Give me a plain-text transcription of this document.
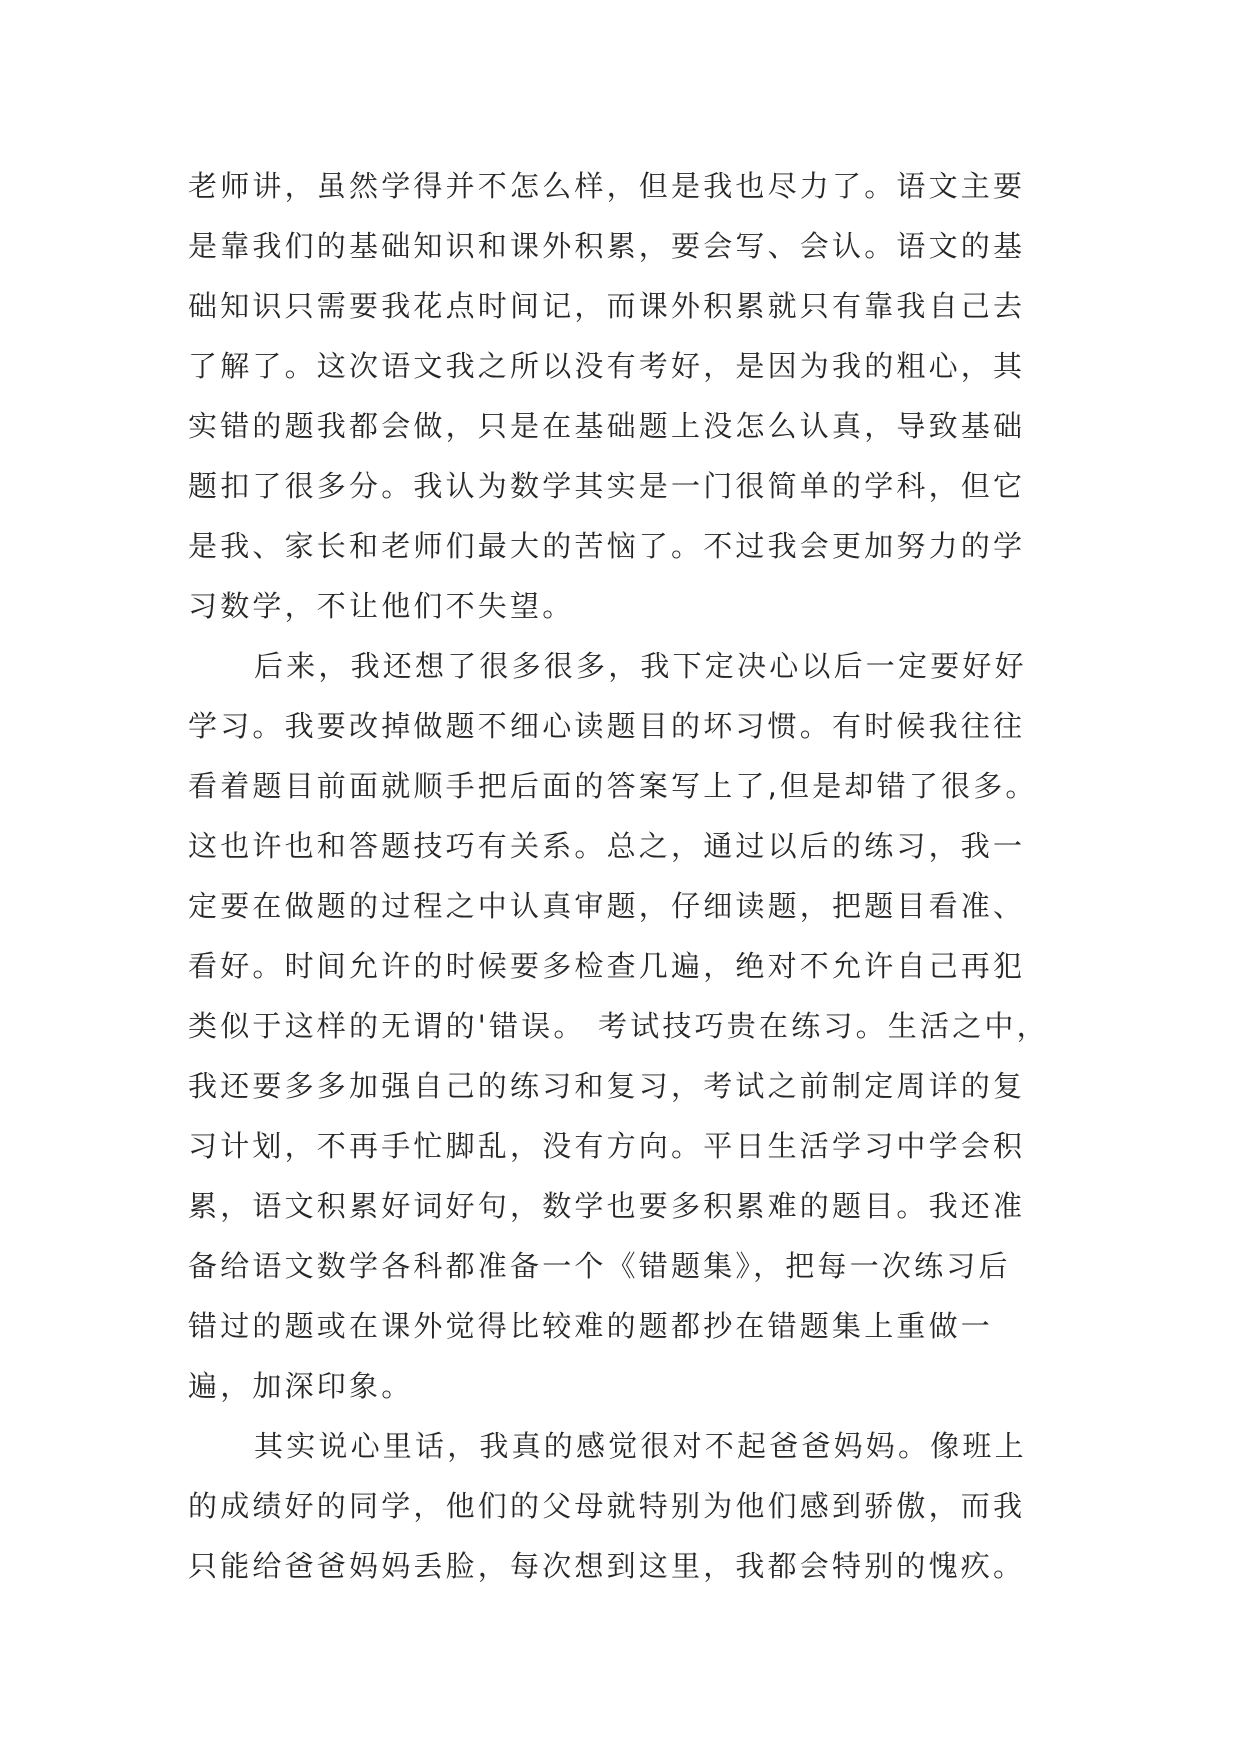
老师讲，虽然学得并不怎么样，但是我也尽力了。语文主要
是靠我们的基础知识和课外积累，要会写、会认。语文的基
础知识只需要我花点时间记，而课外积累就只有靠我自己去
了解了。这次语文我之所以没有考好，是因为我的粗心，其
实错的题我都会做，只是在基础题上没怎么认真，导致基础
题扣了很多分。我认为数学其实是一门很简单的学科，但它
是我、家长和老师们最大的苦恼了。不过我会更加努力的学
习数学，不让他们不失望。
后来，我还想了很多很多，我下定决心以后一定要好好
学习。我要改掉做题不细心读题目的坏习惯。有时候我往往
看着题目前面就顺手把后面的答案写上了,但是却错了很多。
这也许也和答题技巧有关系。总之，通过以后的练习，我一
定要在做题的过程之中认真审题，仔细读题，把题目看准、
看好。时间允许的时候要多检查几遍，绝对不允许自己再犯
类似于这样的无谓的'错误。 考试技巧贵在练习。生活之中，
我还要多多加强自己的练习和复习，考试之前制定周详的复
习计划，不再手忙脚乱，没有方向。平日生活学习中学会积
累，语文积累好词好句，数学也要多积累难的题目。我还准
备给语文数学各科都准备一个《错题集》，把每一次练习后
错过的题或在课外觉得比较难的题都抄在错题集上重做一
遍，加深印象。
其实说心里话，我真的感觉很对不起爸爸妈妈。像班上
的成绩好的同学，他们的父母就特别为他们感到骄傲，而我
只能给爸爸妈妈丢脸，每次想到这里，我都会特别的愧疚。
